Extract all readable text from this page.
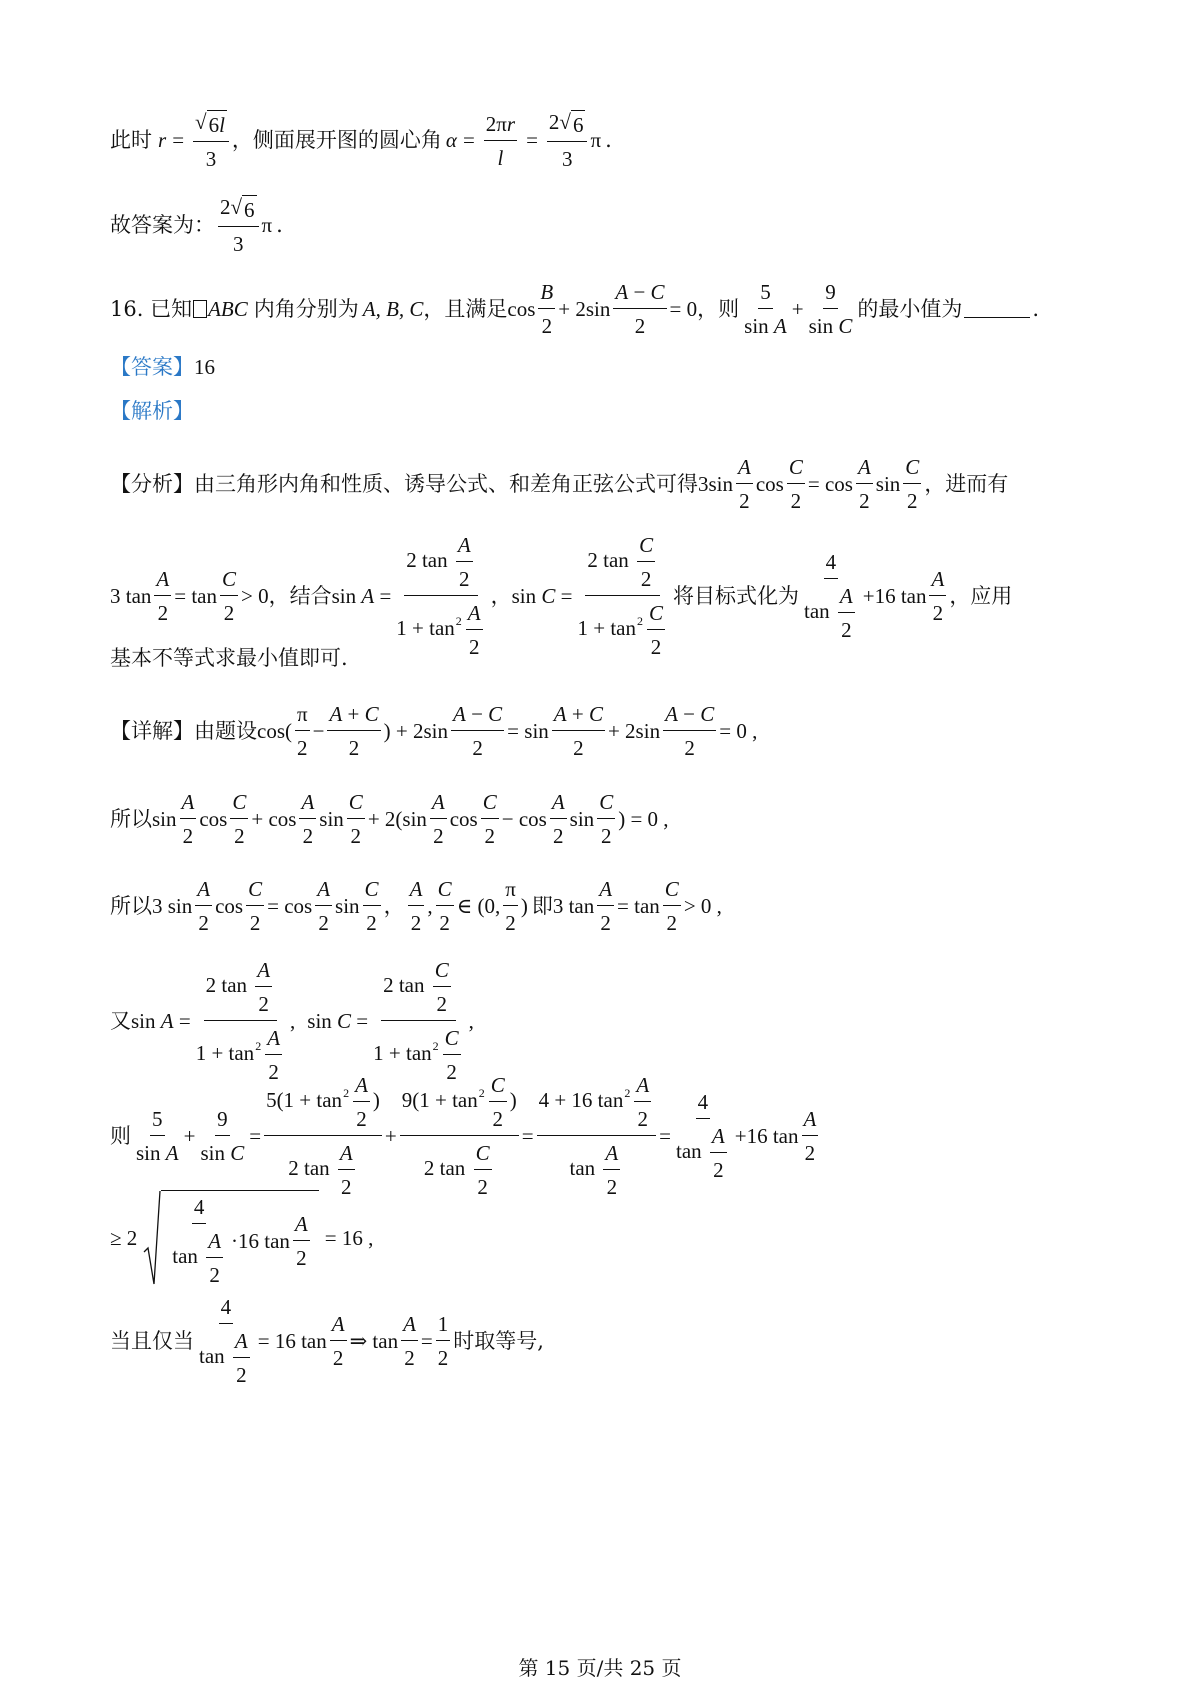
此时 $r = \frac{√ 6l}{3}$ ，侧面展开图的圆心角 $\alpha = \frac{2\pi r}{l} = \frac{2√ 6}{3}$ π .
故答案为： $\frac{2√ 6}{3}$ π .
16. 已知 ABC 内角分别为 A, B, C ，且满足 $\cos \frac{B}{2} + 2\sin \frac{A - C}{2} = 0$ ，则 $\frac{5}{\text{sin A}} + \frac{9}{\text{sin C}}$ 的最小值为	.
【答案】 16
【解析】
【分析】 由三角形内角和性质、诱导公式、和差角正弦公式可得 $3\sin \frac{A}{2}$ $\cos \frac{C}{2} = \cos \frac{A}{2}$ $\sin \frac{C}{2}$ ，进而有
3 $\tan \frac{A}{2} = \tan \frac{C}{2} > 0$ ，结合 $\sin A = \frac{2 \tan \frac{A}{2}}{1 + \tan^2 \frac{A}{2}}$ ， $\sin C = \frac{2 \tan \frac{C}{2}}{1 + \tan^2 \frac{C}{2}}$ 将目标式化为 $\frac{4}{\tan \frac{A}{2}} +16$ $\tan \frac{A}{2}$ ，应用
基本不等式求最小值即可.
【详解】 由题设 $\cos( \frac{\pi}{2} - \frac{A + C}{2}$ ) + $2\sin \frac{A - C}{2} = \sin \frac{A + C}{2} + 2\sin \frac{A - C}{2} = 0$ ,
所以 $\sin \frac{A}{2}$ $\cos \frac{C}{2} + \cos \frac{A}{2}$ $\sin \frac{C}{2} + 2(\sin \frac{A}{2}$ $\cos \frac{C}{2} - \cos \frac{A}{2}$ $\sin \frac{C}{2}$ ) = 0 ,
所以 3 $\sin \frac{A}{2}$ $\cos \frac{C}{2} = \cos \frac{A}{2}$ $\sin \frac{C}{2}$ ， $\frac{A}{2}$ , $\frac{C}{2}$ ∈ (0, $\frac{\pi}{2}$ ) 即 3 $\tan \frac{A}{2} = \tan \frac{C}{2} > 0$ ,
又 $\sin A = \frac{2 \tan \frac{A}{2}}{1 + \tan^2 \frac{A}{2}}$ , $\sin C = \frac{2 \tan \frac{C}{2}}{1 + \tan^2 \frac{C}{2}}$ ,
则 $\frac{5}{\text{sin A}} + \frac{9}{\text{sin C}} = \frac{5(1 + \tan^2 \frac{A}{2} )}{2 \tan \frac{A}{2}} + \frac{9(1 + \tan^2 \frac{C}{2} )}{2 \tan \frac{C}{2}} = \frac{4 + 16 \tan^2 \frac{A}{2}}{\tan \frac{A}{2}} = \frac{4}{\tan \frac{A}{2}} +16$ $\tan \frac{A}{2}$
≥ $2 \frac{4}{\tan \frac{A}{2}} \cdot 16$ $\tan \frac{A}{2} = 16$ ,
当且仅当 $\frac{4}{\tan \frac{A}{2}} = 16$ $\tan \frac{A}{2}$ ⇒ $\tan \frac{A}{2} = \frac{1}{2}$ 时取等号,
第 15 页/共 25 页
